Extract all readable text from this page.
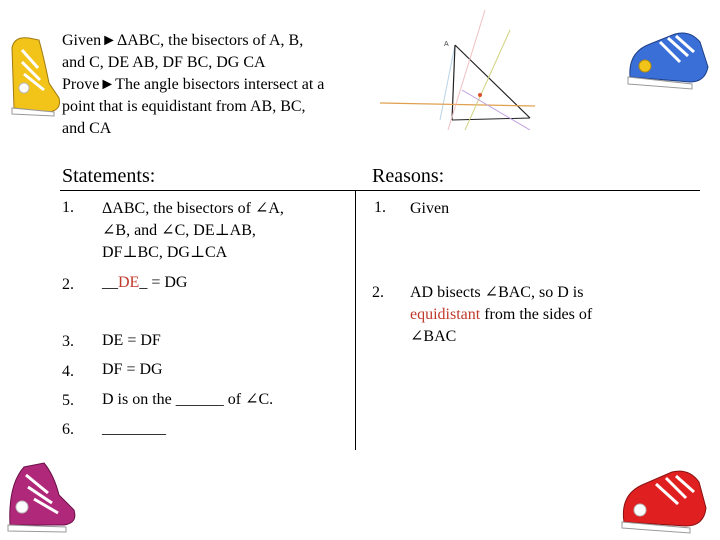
A
Given►ΔABC, the bisectors of A, B,
and C, DE AB, DF BC, DG CA
Prove►The angle bisectors intersect at a
point that is equidistant from AB, BC,
and CA
Statements:	Reasons:
1. ΔABC, the bisectors of ∠A,
∠B, and ∠C, DE⊥AB,
DF⊥BC, DG⊥CA
2. __DE_ = DG
3. DE = DF
4. DF = DG
5. D is on the ______ of ∠C.
6. ________
1. Given
2. AD bisects ∠BAC, so D is
equidistant from the sides of
∠BAC
